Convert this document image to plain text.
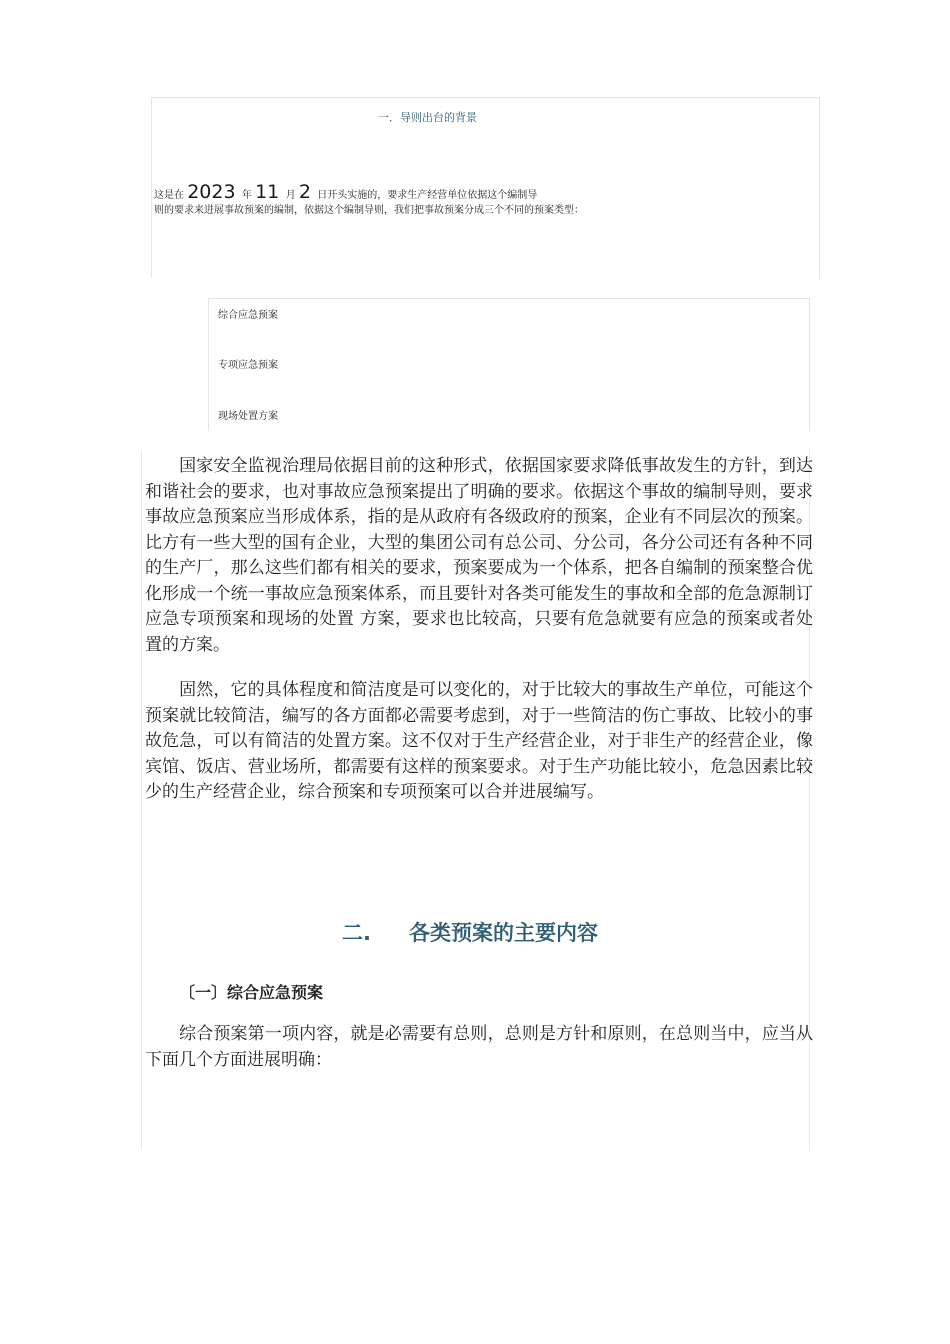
一．导则出台的背景
这是在 2023 年 11 月 2 日开头实施的，要求生产经营单位依据这个编制导
则的要求来进展事故预案的编制，依据这个编制导则，我们把事故预案分成三个不同的预案类型：
综合应急预案
专项应急预案
现场处置方案

国家安全监视治理局依据目前的这种形式，依据国家要求降低事故发生的方针，到达和谐社会的要求，也对事故应急预案提出了明确的要求。依据这个事故的编制导则，要求事故应急预案应当形成体系，指的是从政府有各级政府的预案，企业有不同层次的预案。比方有一些大型的国有企业，大型的集团公司有总公司、分公司，各分公司还有各种不同的生产厂，那么这些们都有相关的要求，预案要成为一个体系，把各自编制的预案整合优化形成一个统一事故应急预案体系，而且要针对各类可能发生的事故和全部的危急源制订应急专项预案和现场的处置 方案，要求也比较高，只要有危急就要有应急的预案或者处置的方案。

固然，它的具体程度和简洁度是可以变化的，对于比较大的事故生产单位，可能这个预案就比较简洁，编写的各方面都必需要考虑到，对于一些简洁的伤亡事故、比较小的事故危急，可以有简洁的处置方案。这不仅对于生产经营企业，对于非生产的经营企业，像宾馆、饭店、营业场所，都需要有这样的预案要求。对于生产功能比较小，危急因素比较少的生产经营企业，综合预案和专项预案可以合并进展编写。

二. 各类预案的主要内容
〔一〕综合应急预案

综合预案第一项内容，就是必需要有总则，总则是方针和原则，在总则当中，应当从下面几个方面进展明确：
